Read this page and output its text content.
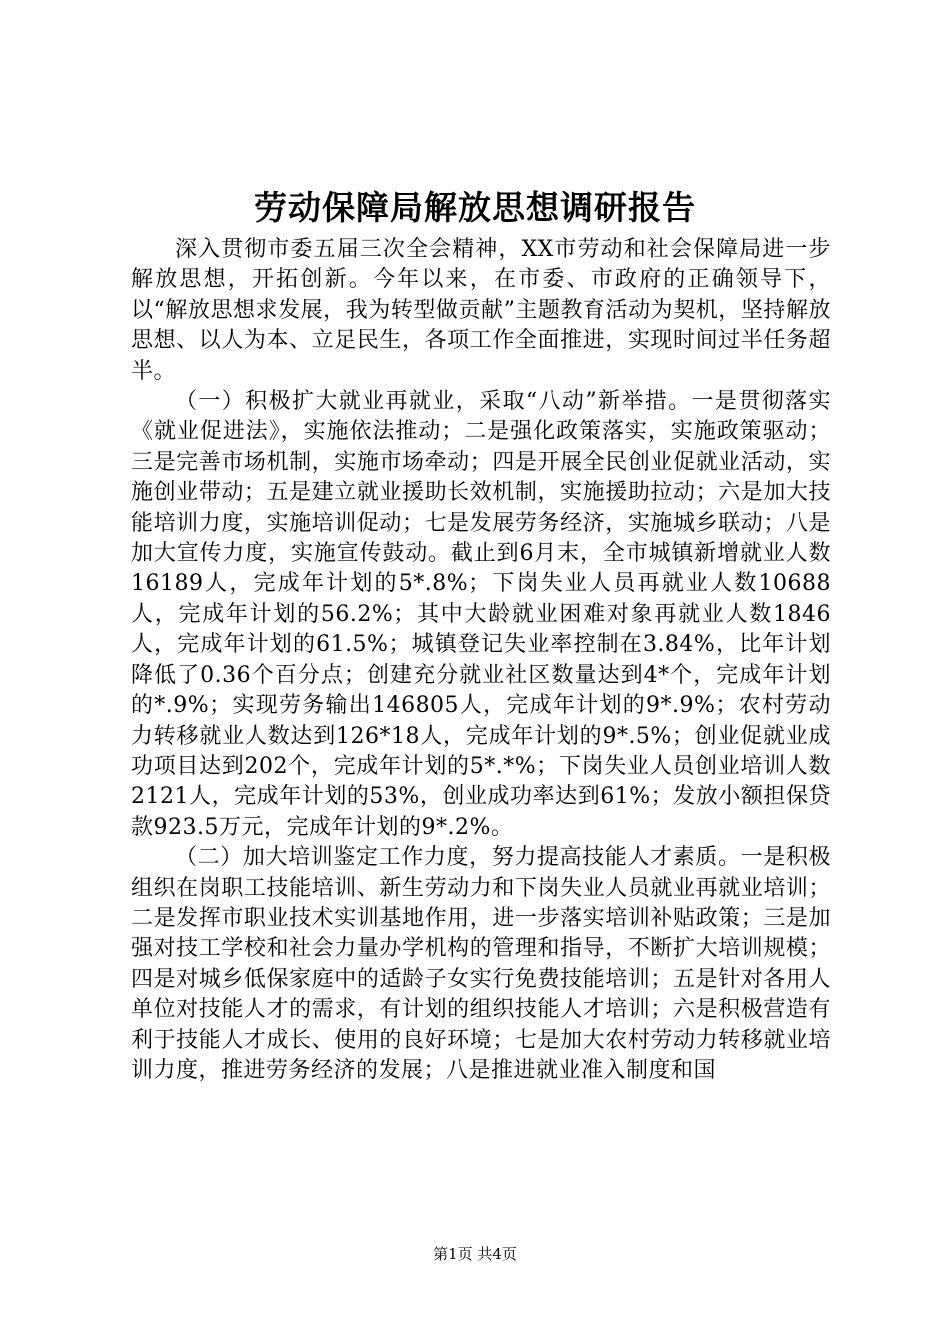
劳动保障局解放思想调研报告

深入贯彻市委五届三次全会精神，XX市劳动和社会保障局进一步解放思想，开拓创新。今年以来，在市委、市政府的正确领导下，以“解放思想求发展，我为转型做贡献”主题教育活动为契机，坚持解放思想、以人为本、立足民生，各项工作全面推进，实现时间过半任务超半。

（一）积极扩大就业再就业，采取“八动”新举措。一是贯彻落实《就业促进法》，实施依法推动；二是强化政策落实，实施政策驱动；三是完善市场机制，实施市场牵动；四是开展全民创业促就业活动，实施创业带动；五是建立就业援助长效机制，实施援助拉动；六是加大技能培训力度，实施培训促动；七是发展劳务经济，实施城乡联动；八是加大宣传力度，实施宣传鼓动。截止到6月末，全市城镇新增就业人数16189人，完成年计划的5*.8%；下岗失业人员再就业人数10688人，完成年计划的56.2%；其中大龄就业困难对象再就业人数1846人，完成年计划的61.5%；城镇登记失业率控制在3.84%，比年计划降低了0.36个百分点；创建充分就业社区数量达到4*个，完成年计划的*.9%；实现劳务输出146805人，完成年计划的9*.9%；农村劳动力转移就业人数达到126*18人，完成年计划的9*.5%；创业促就业成功项目达到202个，完成年计划的5*.*%；下岗失业人员创业培训人数2121人，完成年计划的53%，创业成功率达到61%；发放小额担保贷款923.5万元，完成年计划的9*.2%。

（二）加大培训鉴定工作力度，努力提高技能人才素质。一是积极组织在岗职工技能培训、新生劳动力和下岗失业人员就业再就业培训；二是发挥市职业技术实训基地作用，进一步落实培训补贴政策；三是加强对技工学校和社会力量办学机构的管理和指导，不断扩大培训规模；四是对城乡低保家庭中的适龄子女实行免费技能培训；五是针对各用人单位对技能人才的需求，有计划的组织技能人才培训；六是积极营造有利于技能人才成长、使用的良好环境；七是加大农村劳动力转移就业培训力度，推进劳务经济的发展；八是推进就业准入制度和国

第1页 共4页
